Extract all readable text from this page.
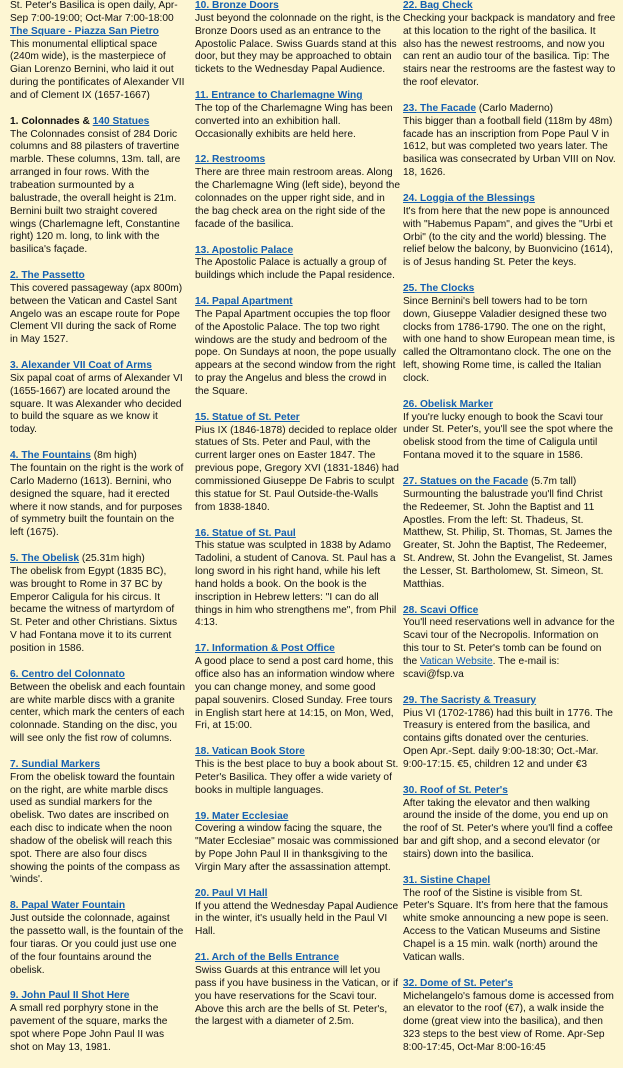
St. Peter's Basilica is open daily, Apr-Sep 7:00-19:00; Oct-Mar 7:00-18:00

The Square - Piazza San Pietro

This monumental elliptical space (240m wide), is the masterpiece of Gian Lorenzo Bernini, who laid it out during the pontificates of Alexander VII and of Clement IX (1657-1667)

1. Colonnades & 140 Statues

The Colonnades consist of 284 Doric columns and 88 pilasters of travertine marble. These columns, 13m. tall, are arranged in four rows. With the trabeation surmounted by a balustrade, the overall height is 21m. Bernini built two straight covered wings (Charlemagne left, Constantine right) 120 m. long, to link with the basilica's façade.

2. The Passetto

This covered passageway (apx 800m) between the Vatican and Castel Sant Angelo was an escape route for Pope Clement VII during the sack of Rome in May 1527.

3. Alexander VII Coat of Arms

Six papal coat of arms of Alexander VI (1655-1667) are located around the square. It was Alexander who decided to build the square as we know it today.

4. The Fountains (8m high)

The fountain on the right is the work of Carlo Maderno (1613). Bernini, who designed the square, had it erected where it now stands, and for purposes of symmetry built the fountain on the left (1675).

5. The Obelisk (25.31m high)

The obelisk from Egypt (1835 BC), was brought to Rome in 37 BC by Emperor Caligula for his circus. It became the witness of martyrdom of St. Peter and other Christians. Sixtus V had Fontana move it to its current position in 1586.

6. Centro del Colonnato

Between the obelisk and each fountain are white marble discs with a granite center, which mark the centers of each colonnade. Standing on the disc, you will see only the fist row of columns.

7. Sundial Markers

From the obelisk toward the fountain on the right, are white marble discs used as sundial markers for the obelisk. Two dates are inscribed on each disc to indicate when the noon shadow of the obelisk will reach this spot. There are also four discs showing the points of the compass as 'winds'.

8. Papal Water Fountain

Just outside the colonnade, against the passetto wall, is the fountain of the four tiaras. Or you could just use one of the four fountains around the obelisk.

9. John Paul II Shot Here

A small red porphyry stone in the pavement of the square, marks the spot where Pope John Paul II was shot on May 13, 1981.

10. Bronze Doors

Just beyond the colonnade on the right, is the Bronze Doors used as an entrance to the Apostolic Palace. Swiss Guards stand at this door, but they may be approached to obtain tickets to the Wednesday Papal Audience.

11. Entrance to Charlemagne Wing

The top of the Charlemagne Wing has been converted into an exhibition hall. Occasionally exhibits are held here.

12. Restrooms

There are three main restroom areas. Along the Charlemagne Wing (left side), beyond the colonnades on the upper right side, and in the bag check area on the right side of the facade of the basilica.

13. Apostolic Palace

The Apostolic Palace is actually a group of buildings which include the Papal residence.

14. Papal Apartment

The Papal Apartment occupies the top floor of the Apostolic Palace. The top two right windows are the study and bedroom of the pope. On Sundays at noon, the pope usually appears at the second window from the right to pray the Angelus and bless the crowd in the Square.

15. Statue of St. Peter

Pius IX (1846-1878) decided to replace older statues of Sts. Peter and Paul, with the current larger ones on Easter 1847. The previous pope, Gregory XVI (1831-1846) had commissioned Giuseppe De Fabris to sculpt this statue for St. Paul Outside-the-Walls from 1838-1840.

16. Statue of St. Paul

This statue was sculpted in 1838 by Adamo Tadolini, a student of Canova. St. Paul has a long sword in his right hand, while his left hand holds a book. On the book is the inscription in Hebrew letters: "I can do all things in him who strengthens me", from Phil 4:13.

17. Information & Post Office

A good place to send a post card home, this office also has an information window where you can change money, and some good papal souvenirs. Closed Sunday. Free tours in English start here at 14:15, on Mon, Wed, Fri, at 15:00.

18. Vatican Book Store

This is the best place to buy a book about St. Peter's Basilica. They offer a wide variety of books in multiple languages.

19. Mater Ecclesiae

Covering a window facing the square, the "Mater Ecclesiae" mosaic was commissioned by Pope John Paul II in thanksgiving to the Virgin Mary after the assassination attempt.

20. Paul VI Hall

If you attend the Wednesday Papal Audience in the winter, it's usually held in the Paul VI Hall.

21. Arch of the Bells Entrance

Swiss Guards at this entrance will let you pass if you have business in the Vatican, or if you have reservations for the Scavi tour. Above this arch are the bells of St. Peter's, the largest with a diameter of 2.5m.

22. Bag Check

Checking your backpack is mandatory and free at this location to the right of the basilica. It also has the newest restrooms, and now you can rent an audio tour of the basilica. Tip: The stairs near the restrooms are the fastest way to the roof elevator.

23. The Facade (Carlo Maderno)

This bigger than a football field (118m by 48m) facade has an inscription from Pope Paul V in 1612, but was completed two years later. The basilica was consecrated by Urban VIII on Nov. 18, 1626.

24. Loggia of the Blessings

It's from here that the new pope is announced with "Habemus Papam", and gives the "Urbi et Orbi" (to the city and the world) blessing. The relief below the balcony, by Buonvicino (1614), is of Jesus handing St. Peter the keys.

25. The Clocks

Since Bernini's bell towers had to be torn down, Giuseppe Valadier designed these two clocks from 1786-1790. The one on the right, with one hand to show European mean time, is called the Oltramontano clock. The one on the left, showing Rome time, is called the Italian clock.

26. Obelisk Marker

If you're lucky enough to book the Scavi tour under St. Peter's, you'll see the spot where the obelisk stood from the time of Caligula until Fontana moved it to the square in 1586.

27. Statues on the Facade (5.7m tall)

Surmounting the balustrade you'll find Christ the Redeemer, St. John the Baptist and 11 Apostles. From the left: St. Thadeus, St. Matthew, St. Philip, St. Thomas, St. James the Greater, St. John the Baptist, The Redeemer, St. Andrew, St. John the Evangelist, St. James the Lesser, St. Bartholomew, St. Simeon, St. Matthias.

28. Scavi Office

You'll need reservations well in advance for the Scavi tour of the Necropolis. Information on this tour to St. Peter's tomb can be found on the Vatican Website. The e-mail is: scavi@fsp.va

29. The Sacristy & Treasury

Pius VI (1702-1786) had this built in 1776. The Treasury is entered from the basilica, and contains gifts donated over the centuries. Open Apr.-Sept. daily 9:00-18:30; Oct.-Mar. 9:00-17:15. €5, children 12 and under €3

30. Roof of St. Peter's

After taking the elevator and then walking around the inside of the dome, you end up on the roof of St. Peter's where you'll find a coffee bar and gift shop, and a second elevator (or stairs) down into the basilica.

31. Sistine Chapel

The roof of the Sistine is visible from St. Peter's Square. It's from here that the famous white smoke announcing a new pope is seen. Access to the Vatican Museums and Sistine Chapel is a 15 min. walk (north) around the Vatican walls.

32. Dome of St. Peter's

Michelangelo's famous dome is accessed from an elevator to the roof (€7), a walk inside the dome (great view into the basilica), and then 323 steps to the best view of Rome. Apr-Sep 8:00-17:45, Oct-Mar 8:00-16:45
